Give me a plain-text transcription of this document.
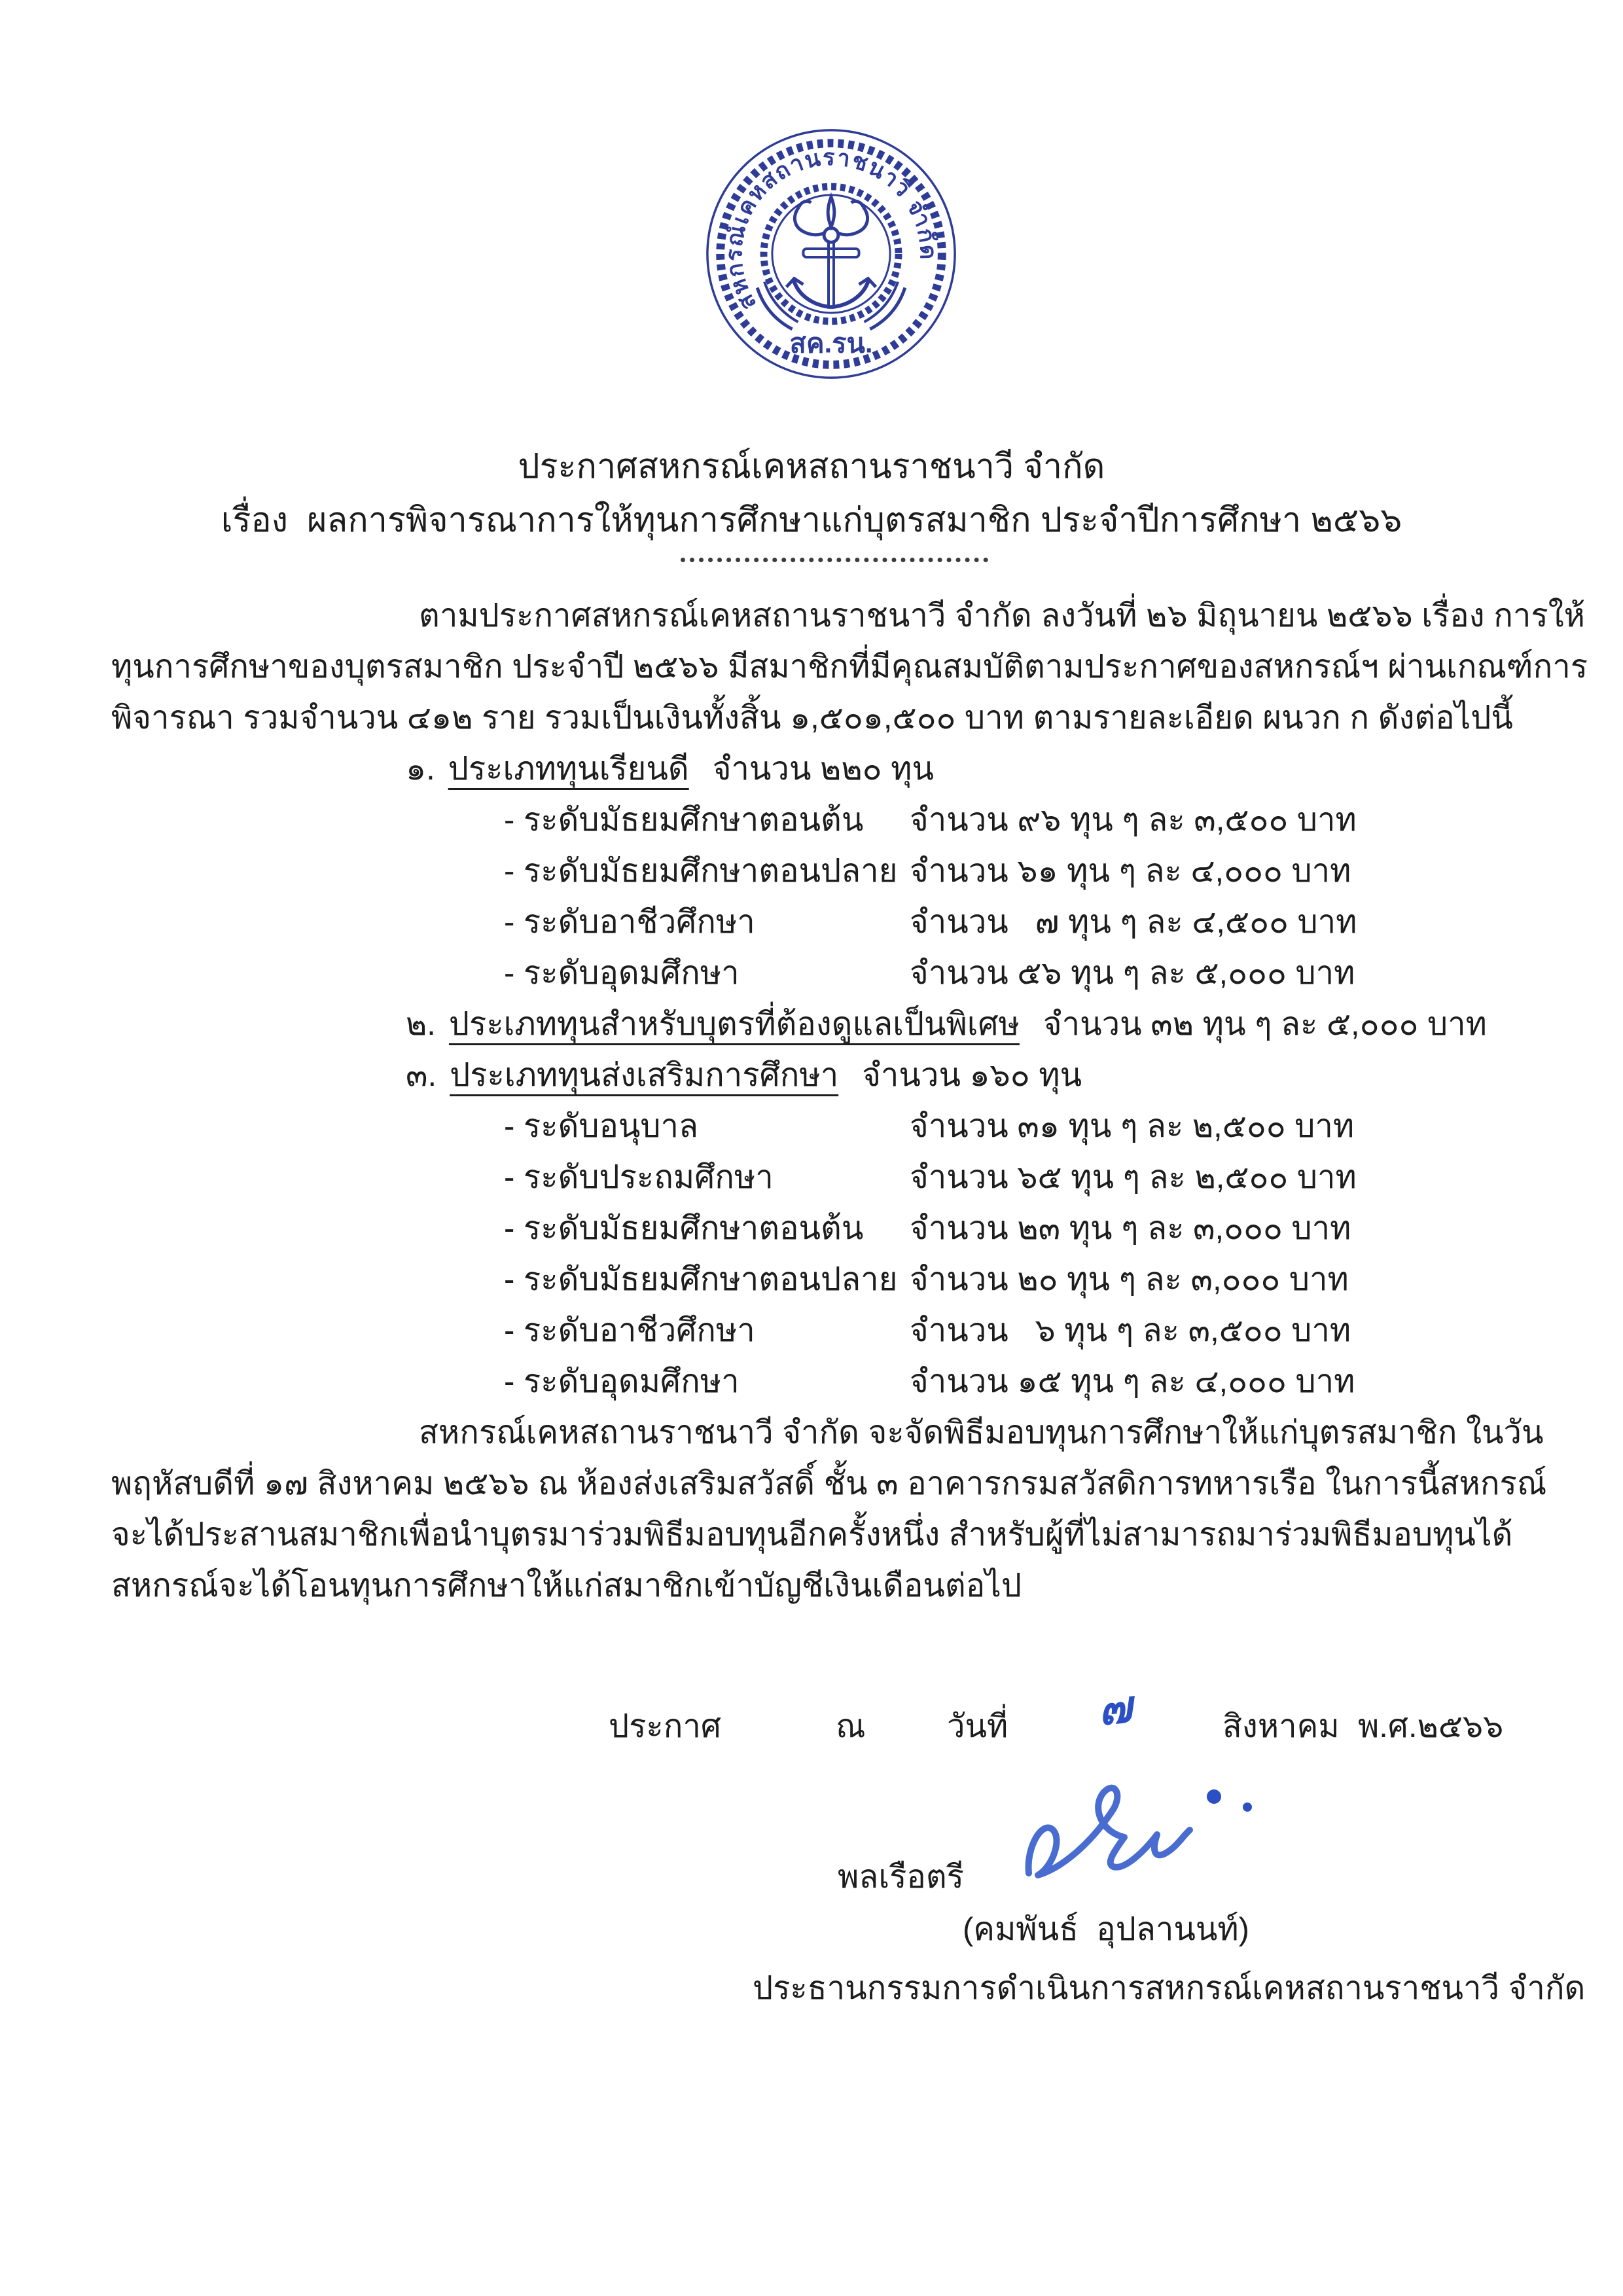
สหกรณ์เคหสถานราชนาวี จำกัด
สค.รน.
ประกาศสหกรณ์เคหสถานราชนาวี จำกัด
เรื่อง  ผลการพิจารณาการให้ทุนการศึกษาแก่บุตรสมาชิก ประจำปีการศึกษา ๒๕๖๖
ตามประกาศสหกรณ์เคหสถานราชนาวี จำกัด ลงวันที่ ๒๖ มิถุนายน ๒๕๖๖ เรื่อง การให้
ทุนการศึกษาของบุตรสมาชิก ประจำปี ๒๕๖๖ มีสมาชิกที่มีคุณสมบัติตามประกาศของสหกรณ์ฯ ผ่านเกณฑ์การ
พิจารณา รวมจำนวน ๔๑๒ ราย รวมเป็นเงินทั้งสิ้น ๑,๕๐๑,๕๐๐ บาท ตามรายละเอียด ผนวก ก ดังต่อไปนี้
๑. ประเภททุนเรียนดี จำนวน ๒๒๐ ทุน
- ระดับมัธยมศึกษาตอนต้น จำนวน ๙๖ ทุน ๆ ละ ๓,๕๐๐ บาท
- ระดับมัธยมศึกษาตอนปลาย จำนวน ๖๑ ทุน ๆ ละ ๔,๐๐๐ บาท
- ระดับอาชีวศึกษา	จำนวน   ๗ ทุน ๆ ละ ๔,๕๐๐ บาท
- ระดับอุดมศึกษา	จำนวน ๕๖ ทุน ๆ ละ ๕,๐๐๐ บาท
๒. ประเภททุนสำหรับบุตรที่ต้องดูแลเป็นพิเศษ จำนวน ๓๒ ทุน ๆ ละ ๕,๐๐๐ บาท
๓. ประเภททุนส่งเสริมการศึกษา จำนวน ๑๖๐ ทุน
- ระดับอนุบาล	จำนวน ๓๑ ทุน ๆ ละ ๒,๕๐๐ บาท
- ระดับประถมศึกษา	จำนวน ๖๕ ทุน ๆ ละ ๒,๕๐๐ บาท
- ระดับมัธยมศึกษาตอนต้น จำนวน ๒๓ ทุน ๆ ละ ๓,๐๐๐ บาท
- ระดับมัธยมศึกษาตอนปลาย จำนวน ๒๐ ทุน ๆ ละ ๓,๐๐๐ บาท
- ระดับอาชีวศึกษา	จำนวน   ๖ ทุน ๆ ละ ๓,๕๐๐ บาท
- ระดับอุดมศึกษา	จำนวน ๑๕ ทุน ๆ ละ ๔,๐๐๐ บาท
สหกรณ์เคหสถานราชนาวี จำกัด จะจัดพิธีมอบทุนการศึกษาให้แก่บุตรสมาชิก ในวัน
พฤหัสบดีที่ ๑๗ สิงหาคม ๒๕๖๖ ณ ห้องส่งเสริมสวัสดิ์ ชั้น ๓ อาคารกรมสวัสดิการทหารเรือ ในการนี้สหกรณ์
จะได้ประสานสมาชิกเพื่อนำบุตรมาร่วมพิธีมอบทุนอีกครั้งหนึ่ง สำหรับผู้ที่ไม่สามารถมาร่วมพิธีมอบทุนได้
สหกรณ์จะได้โอนทุนการศึกษาให้แก่สมาชิกเข้าบัญชีเงินเดือนต่อไป
ประกาศ	ณ	วันที่ ๗	สิงหาคม พ.ศ.๒๕๖๖
พลเรือตรี
(คมพันธ์  อุปลานนท์)
ประธานกรรมการดำเนินการสหกรณ์เคหสถานราชนาวี จำกัด
